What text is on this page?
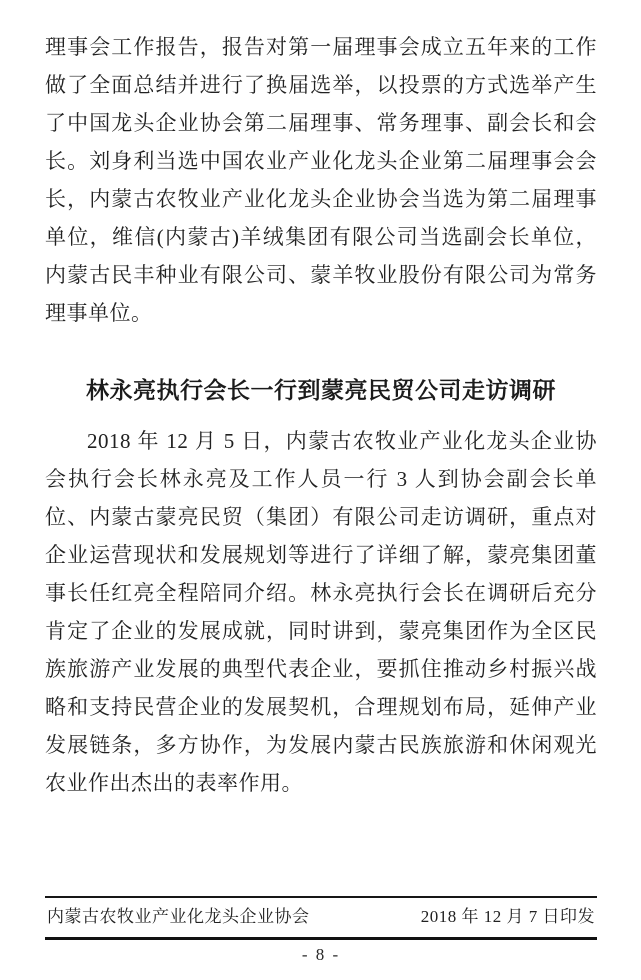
理事会工作报告，报告对第一届理事会成立五年来的工作做了全面总结并进行了换届选举，以投票的方式选举产生了中国龙头企业协会第二届理事、常务理事、副会长和会长。刘身利当选中国农业产业化龙头企业第二届理事会会长，内蒙古农牧业产业化龙头企业协会当选为第二届理事单位，维信(内蒙古)羊绒集团有限公司当选副会长单位，内蒙古民丰种业有限公司、蒙羊牧业股份有限公司为常务理事单位。

林永亮执行会长一行到蒙亮民贸公司走访调研

2018 年 12 月 5 日，内蒙古农牧业产业化龙头企业协会执行会长林永亮及工作人员一行 3 人到协会副会长单位、内蒙古蒙亮民贸（集团）有限公司走访调研，重点对企业运营现状和发展规划等进行了详细了解，蒙亮集团董事长任红亮全程陪同介绍。林永亮执行会长在调研后充分肯定了企业的发展成就，同时讲到，蒙亮集团作为全区民族旅游产业发展的典型代表企业，要抓住推动乡村振兴战略和支持民营企业的发展契机，合理规划布局，延伸产业发展链条，多方协作，为发展内蒙古民族旅游和休闲观光农业作出杰出的表率作用。

内蒙古农牧业产业化龙头企业协会	2018 年 12 月 7 日印发
- 8 -
